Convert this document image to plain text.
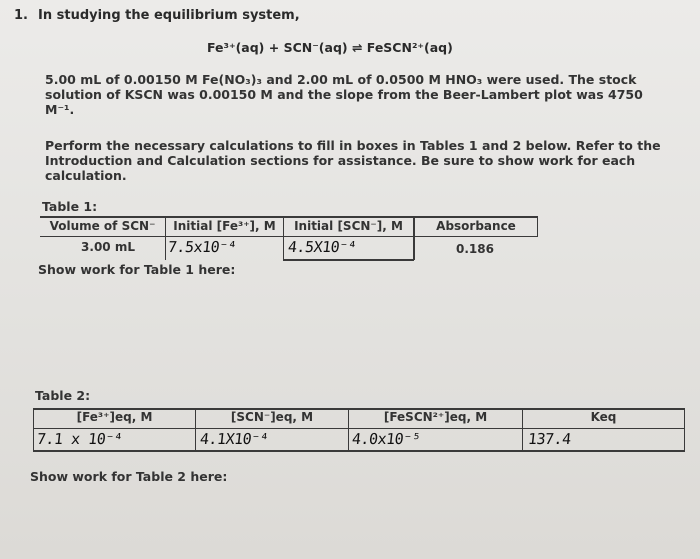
1. In studying the equilibrium system,
Fe³⁺(aq) + SCN⁻(aq) ⇌ FeSCN²⁺(aq)
5.00 mL of 0.00150 M Fe(NO₃)₃ and 2.00 mL of 0.0500 M HNO₃ were used. The stock
solution of KSCN was 0.00150 M and the slope from the Beer-Lambert plot was 4750
M⁻¹.
Perform the necessary calculations to fill in boxes in Tables 1 and 2 below. Refer to the
Introduction and Calculation sections for assistance. Be sure to show work for each
calculation.
Table 1:
Volume of SCN⁻	Initial [Fe³⁺], M	Initial [SCN⁻], M	Absorbance
3.00 mL	7.5x10⁻⁴	4.5X10⁻⁴	0.186
Show work for Table 1 here:
Table 2:
[Fe³⁺]eq, M	[SCN⁻]eq, M	[FeSCN²⁺]eq, M	Keq
7.1 x 10⁻⁴	4.1X10⁻⁴	4.0x10⁻⁵	137.4
Show work for Table 2 here:
